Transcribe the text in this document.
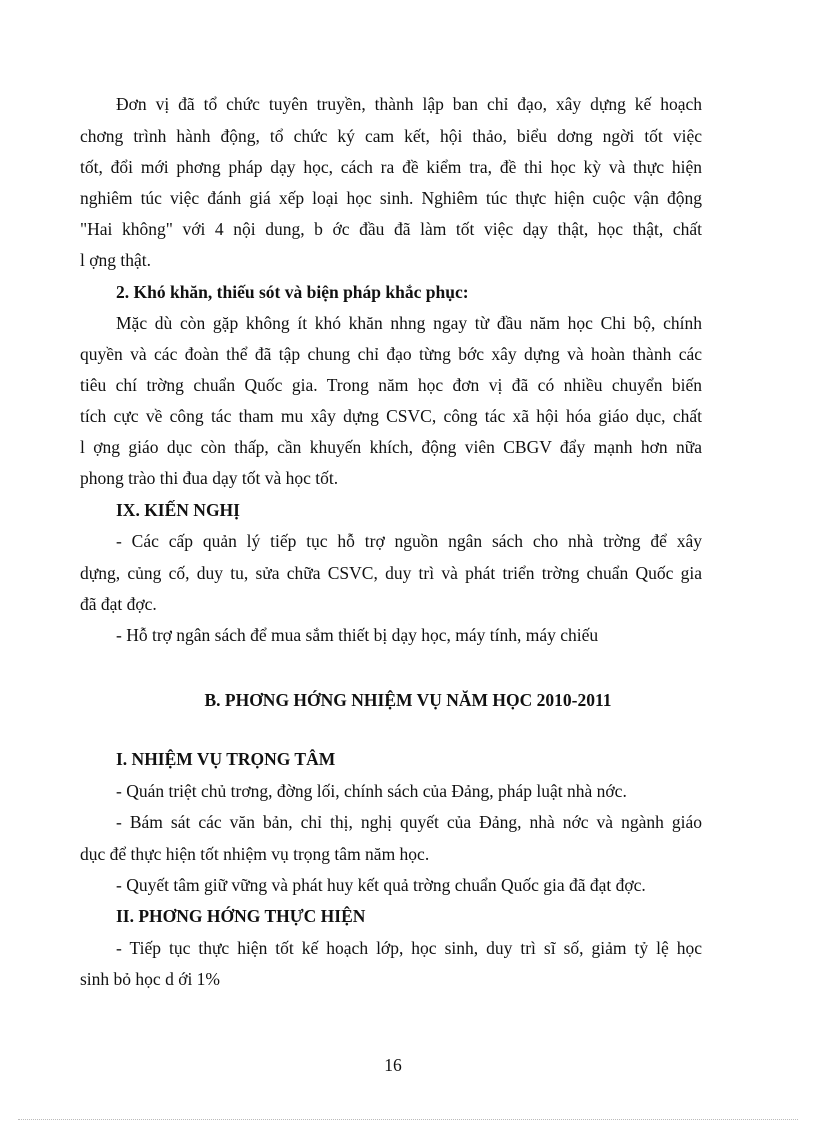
Đơn vị đã tổ chức tuyên truyền, thành lập ban chỉ đạo, xây dựng kế hoạch
chơng trình hành động, tổ chức ký cam kết, hội thảo, biểu dơng ngời tốt việc
tốt, đổi mới phơng pháp dạy học, cách ra đề kiểm tra, đề thi học kỳ và thực hiện
nghiêm túc việc đánh giá xếp loại học sinh. Nghiêm túc thực hiện cuộc vận động
"Hai không" với 4 nội dung, b ớc đầu đã làm tốt việc dạy thật, học thật, chất
l ợng thật.
2. Khó khăn, thiếu sót và biện pháp khắc phục:
Mặc dù còn gặp không ít khó khăn nhng ngay từ đầu năm học Chi bộ, chính
quyền và các đoàn thể đã tập chung chỉ đạo từng bớc xây dựng và hoàn thành các
tiêu chí trờng chuẩn Quốc gia. Trong năm học đơn vị đã có nhiều chuyển biến
tích cực về công tác tham mu xây dựng CSVC, công tác xã hội hóa giáo dục, chất
l ợng giáo dục còn thấp, cần khuyến khích, động viên CBGV đẩy mạnh hơn nữa
phong trào thi đua dạy tốt và học tốt.
IX. KIẾN NGHỊ
- Các cấp quản lý tiếp tục hỗ trợ nguồn ngân sách cho nhà trờng để xây
dựng, củng cố, duy tu, sửa chữa CSVC, duy trì và phát triển trờng chuẩn Quốc gia
đã đạt đợc.
- Hỗ trợ ngân sách để mua sắm thiết bị dạy học, máy tính, máy chiếu
B. PHƠNG HỚNG NHIỆM VỤ NĂM HỌC 2010-2011
I. NHIỆM VỤ TRỌNG TÂM
- Quán triệt chủ trơng, đờng lối, chính sách của Đảng, pháp luật nhà nớc.
- Bám sát các văn bản, chỉ thị, nghị quyết của Đảng, nhà nớc và ngành giáo
dục để thực hiện tốt nhiệm vụ trọng tâm năm học.
- Quyết tâm giữ vững và phát huy kết quả trờng chuẩn Quốc gia đã đạt đợc.
II. PHƠNG HỚNG THỰC HIỆN
- Tiếp tục thực hiện tốt kế hoạch lớp, học sinh, duy trì sĩ số, giảm tỷ lệ học
sinh bỏ học d ới 1%
16
